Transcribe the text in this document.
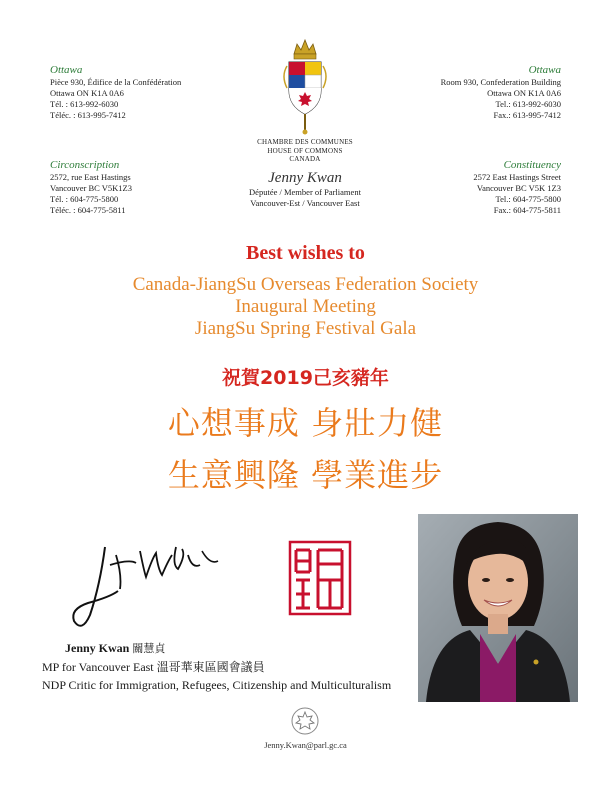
Ottawa
Pièce 930, Édifice de la Confédération
Ottawa ON K1A 0A6
Tél. : 613-992-6030
Téléc. : 613-995-7412
Ottawa
Room 930, Confederation Building
Ottawa ON K1A 0A6
Tel.: 613-992-6030
Fax.: 613-995-7412
Circonscription
2572, rue East Hastings
Vancouver BC V5K1Z3
Tél. : 604-775-5800
Téléc. : 604-775-5811
Constituency
2572 East Hastings Street
Vancouver BC V5K 1Z3
Tel.: 604-775-5800
Fax.: 604-775-5811
CHAMBRE DES COMMUNES
HOUSE OF COMMONS
CANADA
Jenny Kwan
Députée / Member of Parliament
Vancouver-Est / Vancouver East
Best wishes to
Canada-JiangSu Overseas Federation Society
Inaugural Meeting
JiangSu Spring Festival Gala
祝賀2019己亥豬年
心想事成 身壯力健
生意興隆 學業進步
Jenny Kwan 關慧貞
MP for Vancouver East 溫哥華東區國會議員
NDP Critic for Immigration, Refugees, Citizenship and Multiculturalism
Jenny.Kwan@parl.gc.ca
